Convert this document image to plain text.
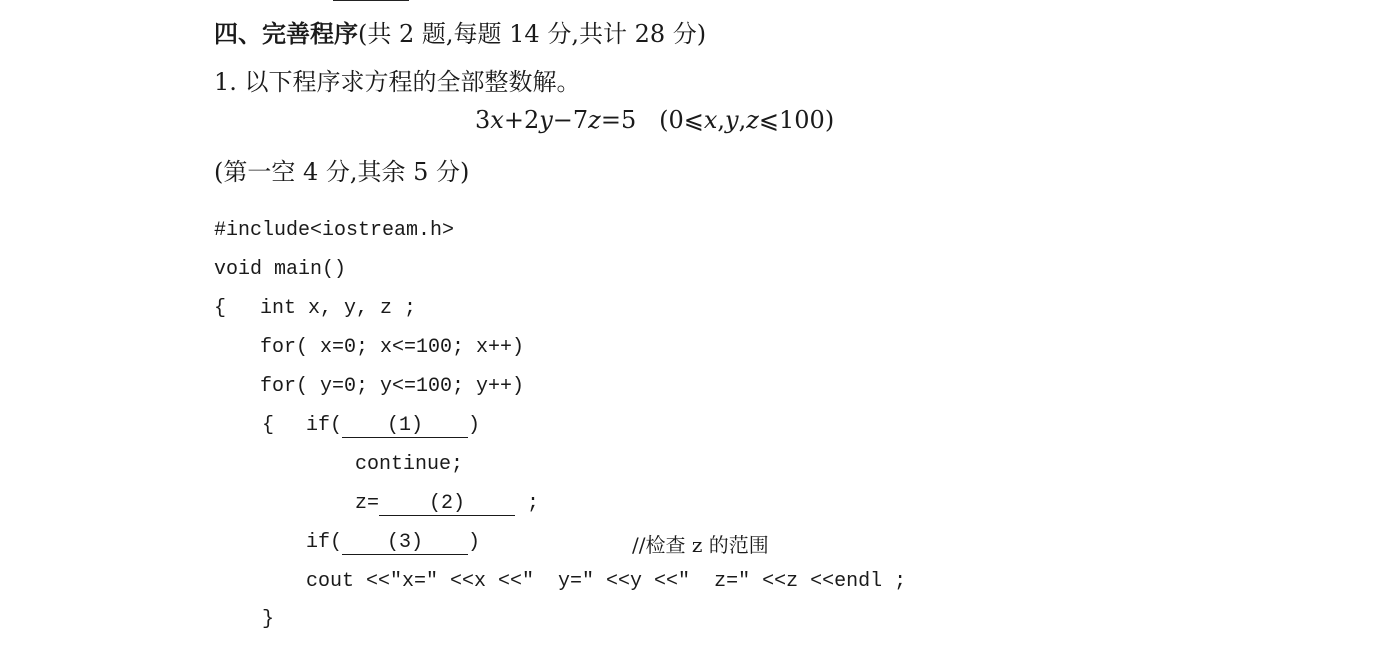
四、完善程序(共 2 题,每题 14 分,共计 28 分)
1. 以下程序求方程的全部整数解。
3x+2y−7z=5 (0⩽x,y,z⩽100)
(第一空 4 分,其余 5 分)
#include<iostream.h>
void main()
{ int x, y, z ;
for( x=0; x<=100; x++)
for( y=0; y<=100; y++)
{ if( (1) )
continue;
z= (2)	;
if( (3) )	//检查 z 的范围
cout <<"x=" <<x <<"  y=" <<y <<"  z=" <<z <<endl ;
}
